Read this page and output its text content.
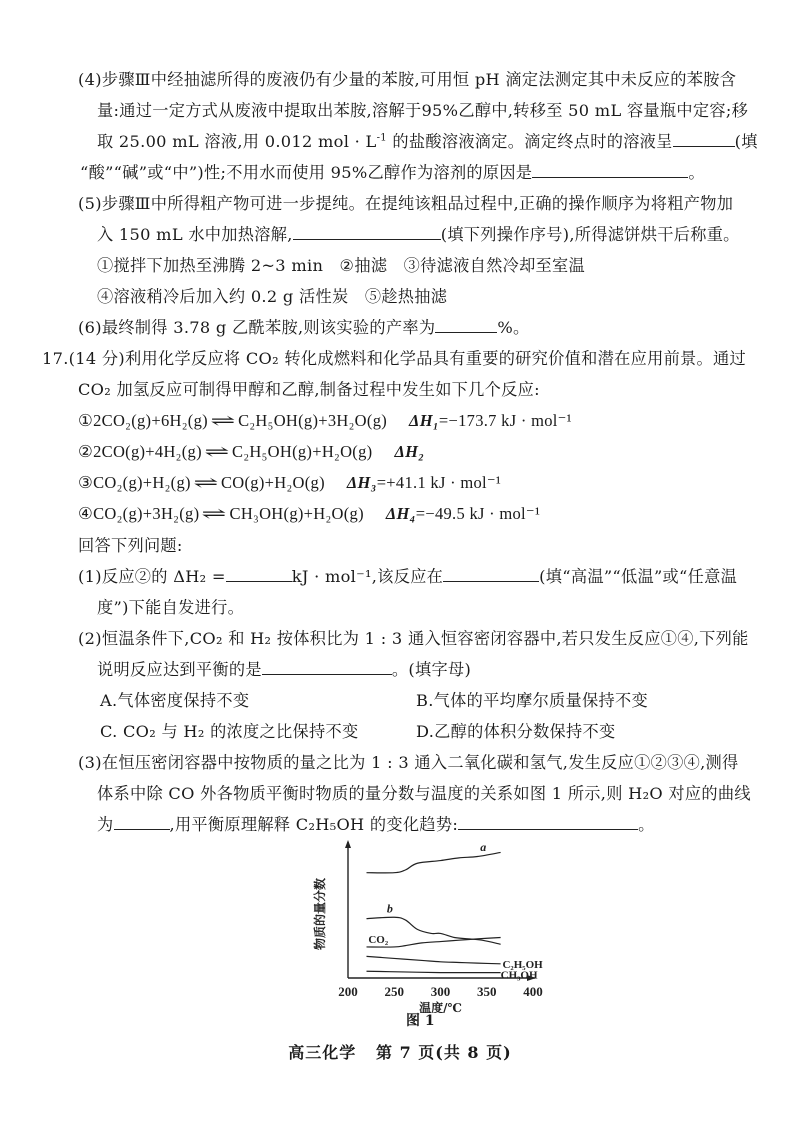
(4)步骤Ⅲ中经抽滤所得的废液仍有少量的苯胺,可用恒 pH 滴定法测定其中未反应的苯胺含
量:通过一定方式从废液中提取出苯胺,溶解于95%乙醇中,转移至 50 mL 容量瓶中定容;移
取 25.00 mL 溶液,用 0.012 mol · $L^{-1}$ 的盐酸溶液滴定。滴定终点时的溶液呈	(填
“酸”“碱”或“中”)性;不用水而使用 95%乙醇作为溶剂的原因是	。
(5)步骤Ⅲ中所得粗产物可进一步提纯。在提纯该粗品过程中,正确的操作顺序为将粗产物加
入 150 mL 水中加热溶解,	(填下列操作序号),所得滤饼烘干后称重。
①搅拌下加热至沸腾 2~3 min   ②抽滤   ③待滤液自然冷却至室温
④溶液稍冷后加入约 0.2 g 活性炭   ⑤趁热抽滤
(6)最终制得 3.78 g 乙酰苯胺,则该实验的产率为	%。
17.(14 分)利用化学反应将 CO₂ 转化成燃料和化学品具有重要的研究价值和潜在应用前景。通过
CO₂ 加氢反应可制得甲醇和乙醇,制备过程中发生如下几个反应:
①2CO₂(g)+6H₂(g) ⇌ C₂H₅OH(g)+3H₂O(g) ΔH₁=−173.7 kJ · mol⁻¹
②2CO(g)+4H₂(g) ⇌ C₂H₅OH(g)+H₂O(g) ΔH₂
③CO₂(g)+H₂(g) ⇌ CO(g)+H₂O(g) ΔH₃=+41.1 kJ · mol⁻¹
④CO₂(g)+3H₂(g) ⇌ CH₃OH(g)+H₂O(g) ΔH₄=−49.5 kJ · mol⁻¹
回答下列问题:
(1)反应②的 ΔH₂ =	kJ · mol⁻¹,该反应在	(填“高温”“低温”或“任意温
度”)下能自发进行。
(2)恒温条件下,CO₂ 和 H₂ 按体积比为 1 : 3 通入恒容密闭容器中,若只发生反应①④,下列能
说明反应达到平衡的是	。(填字母)
A.气体密度保持不变	B.气体的平均摩尔质量保持不变
C. CO₂ 与 H₂ 的浓度之比保持不变	D.乙醇的体积分数保持不变
(3)在恒压密闭容器中按物质的量之比为 1 : 3 通入二氧化碳和氢气,发生反应①②③④,测得
体系中除 CO 外各物质平衡时物质的量分数与温度的关系如图 1 所示,则 H₂O 对应的曲线
为	,用平衡原理解释 C₂H₅OH 的变化趋势:	。
200 250 300 350 400
温度/℃
物质的量分数
a
b
CO₂
C₂H₅OH
CH₃OH
图 1
高三化学   第 7 页(共 8 页)
